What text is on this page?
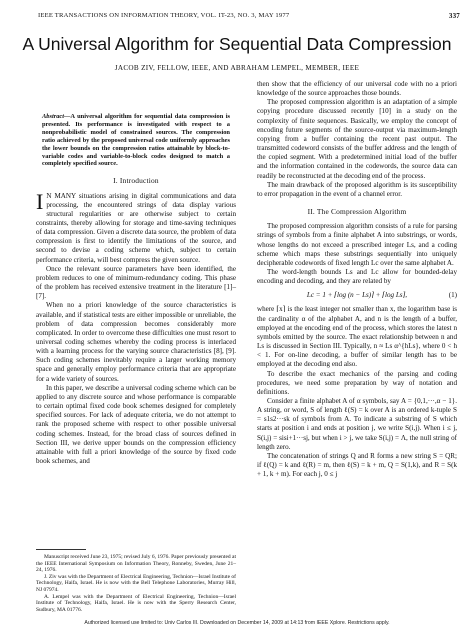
IEEE TRANSACTIONS ON INFORMATION THEORY, VOL. IT-23, NO. 3, MAY 1977	337
A Universal Algorithm for Sequential Data Compression
JACOB ZIV, FELLOW, IEEE, AND ABRAHAM LEMPEL, MEMBER, IEEE
Abstract—A universal algorithm for sequential data compression is presented. Its performance is investigated with respect to a nonprobabilistic model of constrained sources. The compression ratio achieved by the proposed universal code uniformly approaches the lower bounds on the compression ratios attainable by block-to-variable codes and variable-to-block codes designed to match a completely specified source.
I. Introduction

I N MANY situations arising in digital communications and data processing, the encountered strings of data display various structural regularities or are otherwise subject to certain constraints, thereby allowing for storage and time-saving techniques of data compression. Given a discrete data source, the problem of data compression is first to identify the limitations of the source, and second to devise a coding scheme which, subject to certain performance criteria, will best compress the given source.

Once the relevant source parameters have been identified, the problem reduces to one of minimum-redundancy coding. This phase of the problem has received extensive treatment in the literature [1]–[7].

When no a priori knowledge of the source characteristics is available, and if statistical tests are either impossible or unreliable, the problem of data compression becomes considerably more complicated. In order to overcome these difficulties one must resort to universal coding schemes whereby the coding process is interlaced with a learning process for the varying source characteristics [8], [9]. Such coding schemes inevitably require a larger working memory space and generally employ performance criteria that are appropriate for a wide variety of sources.

In this paper, we describe a universal coding scheme which can be applied to any discrete source and whose performance is comparable to certain optimal fixed code book schemes designed for completely specified sources. For lack of adequate criteria, we do not attempt to rank the proposed scheme with respect to other possible universal coding schemes. Instead, for the broad class of sources defined in Section III, we derive upper bounds on the compression efficiency attainable with full a priori knowledge of the source by fixed code book schemes, and

then show that the efficiency of our universal code with no a priori knowledge of the source approaches those bounds.

The proposed compression algorithm is an adaptation of a simple copying procedure discussed recently [10] in a study on the complexity of finite sequences. Basically, we employ the concept of encoding future segments of the source-output via maximum-length copying from a buffer containing the recent past output. The transmitted codeword consists of the buffer address and the length of the copied segment. With a predetermined initial load of the buffer and the information contained in the codewords, the source data can readily be reconstructed at the decoding end of the process.

The main drawback of the proposed algorithm is its susceptibility to error propagation in the event of a channel error.

II. The Compression Algorithm

The proposed compression algorithm consists of a rule for parsing strings of symbols from a finite alphabet A into substrings, or words, whose lengths do not exceed a prescribed integer Ls, and a coding scheme which maps these substrings sequentially into uniquely decipherable codewords of fixed length Lc over the same alphabet A.

The word-length bounds Ls and Lc allow for bounded-delay encoding and decoding, and they are related by

Lc = 1 + ⌈log (n − Ls)⌉ + ⌈log Ls⌉,	(1)

where ⌈x⌉ is the least integer not smaller than x, the logarithm base is the cardinality α of the alphabet A, and n is the length of a buffer, employed at the encoding end of the process, which stores the latest n symbols emitted by the source. The exact relationship between n and Ls is discussed in Section III. Typically, n ≈ Ls α^{hLs}, where 0 < h < 1. For on-line decoding, a buffer of similar length has to be employed at the decoding end also.

To describe the exact mechanics of the parsing and coding procedures, we need some preparation by way of notation and definitions.

Consider a finite alphabet A of α symbols, say A = {0,1,···,α − 1}. A string, or word, S of length ℓ(S) = k over A is an ordered k-tuple S = s1s2···sk of symbols from A. To indicate a substring of S which starts at position i and ends at position j, we write S(i,j). When i ≤ j, S(i,j) = sisi+1···sj, but when i > j, we take S(i,j) = Λ, the null string of length zero.

The concatenation of strings Q and R forms a new string S = QR; if ℓ(Q) = k and ℓ(R) = m, then ℓ(S) = k + m, Q = S(1,k), and R = S(k + 1, k + m). For each j, 0 ≤ j

Manuscript received June 23, 1975; revised July 6, 1976. Paper previously presented at the IEEE International Symposium on Information Theory, Ronneby, Sweden, June 21–24, 1976.

J. Ziv was with the Department of Electrical Engineering, Technion—Israel Institute of Technology, Haifa, Israel. He is now with the Bell Telephone Laboratories, Murray Hill, NJ 07974.

A. Lempel was with the Department of Electrical Engineering, Technion—Israel Institute of Technology, Haifa, Israel. He is now with the Sperry Research Center, Sudbury, MA 01776.

Authorized licensed use limited to: Univ Carlos III. Downloaded on December 14, 2009 at 14:13 from IEEE Xplore. Restrictions apply.
